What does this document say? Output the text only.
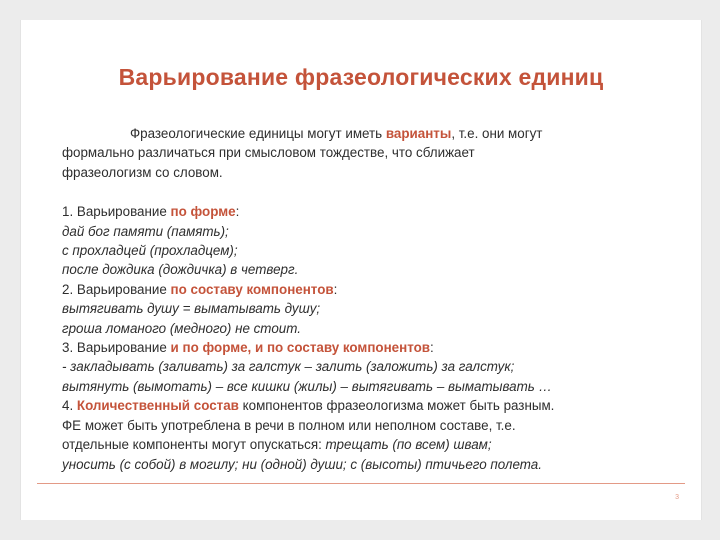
Варьирование фразеологических единиц
Фразеологические единицы могут иметь варианты, т.е. они могут
формально различаться при смысловом тождестве, что сближает
фразеологизм со словом.
1. Варьирование по форме:
дай бог памяти (память);
с прохладцей (прохладцем);
после дождика (дождичка) в четверг.
2. Варьирование по составу компонентов:
вытягивать душу = выматывать душу;
гроша ломаного (медного) не стоит.
3. Варьирование и по форме, и по составу компонентов:
- закладывать (заливать) за галстук – залить (заложить) за галстук;
вытянуть (вымотать) – все кишки (жилы) – вытягивать – выматывать …
4. Количественный состав компонентов фразеологизма может быть разным.
ФЕ может быть употреблена в речи в полном или неполном составе, т.е.
отдельные компоненты могут опускаться: трещать (по всем) швам;
уносить (с собой) в могилу; ни (одной) души; с (высоты) птичьего полета.
3
